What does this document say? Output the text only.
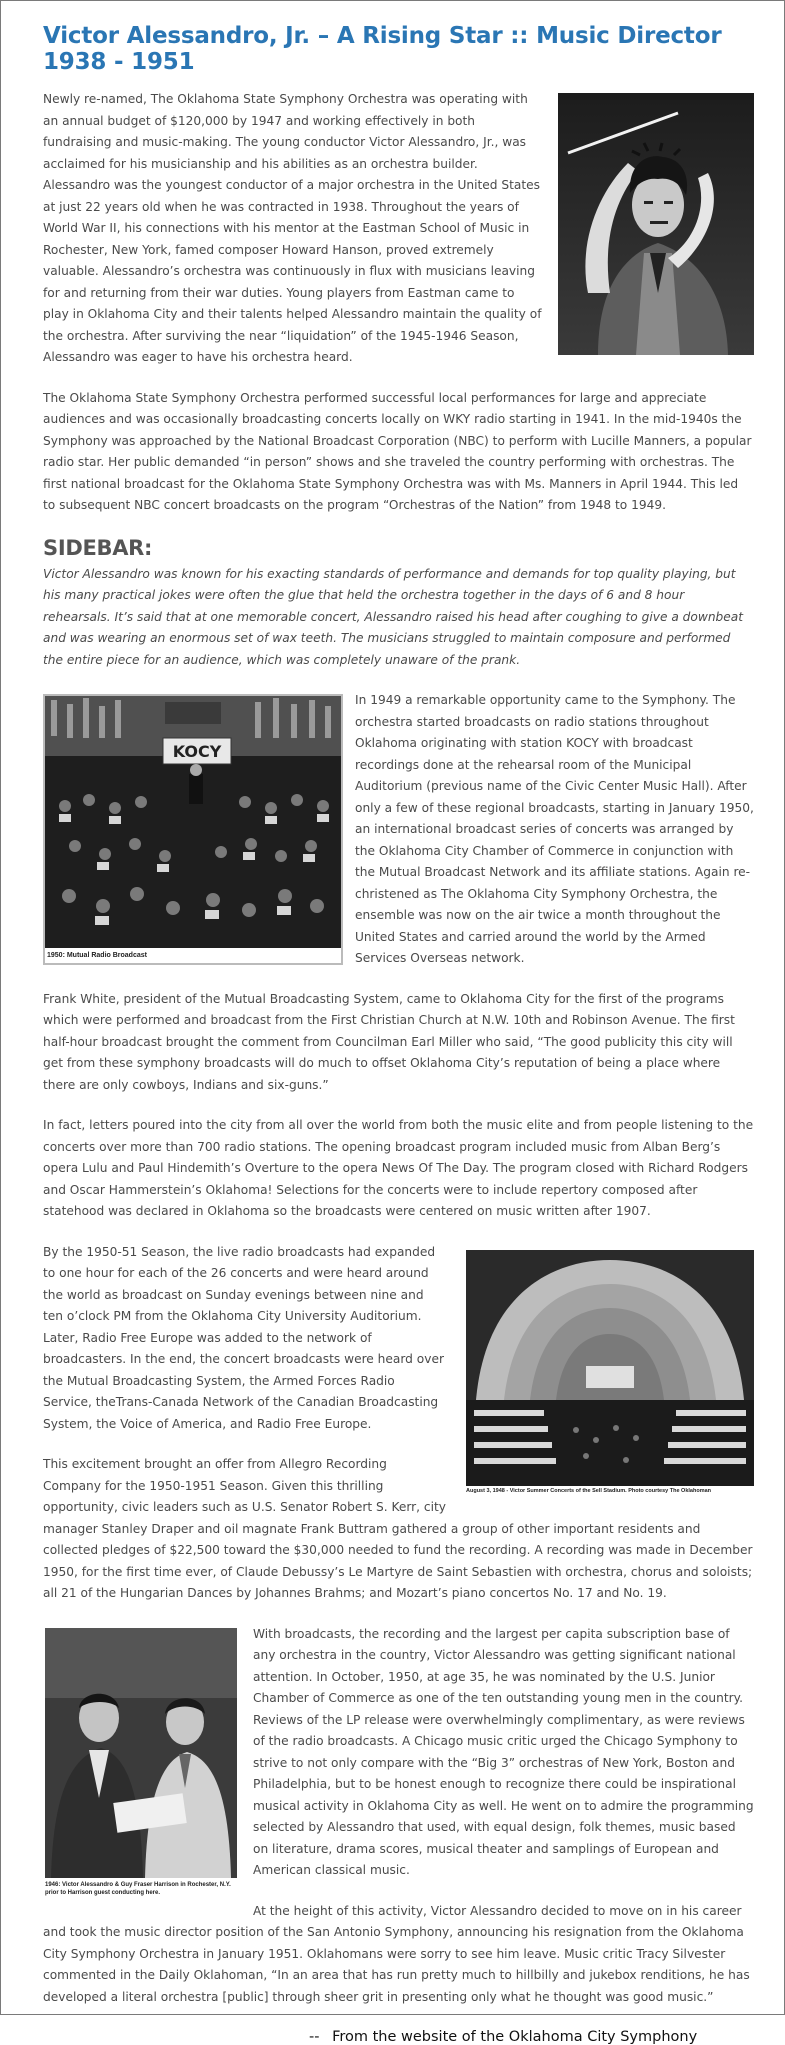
Victor Alessandro, Jr. – A Rising Star :: Music Director 1938 - 1951

Newly re-named, The Oklahoma State Symphony Orchestra was operating with an annual budget of $120,000 by 1947 and working effectively in both fundraising and music-making. The young conductor Victor Alessandro, Jr., was acclaimed for his musicianship and his abilities as an orchestra builder. Alessandro was the youngest conductor of a major orchestra in the United States at just 22 years old when he was contracted in 1938. Throughout the years of World War II, his connections with his mentor at the Eastman School of Music in Rochester, New York, famed composer Howard Hanson, proved extremely valuable. Alessandro’s orchestra was continuously in flux with musicians leaving for and returning from their war duties. Young players from Eastman came to play in Oklahoma City and their talents helped Alessandro maintain the quality of the orchestra. After surviving the near “liquidation” of the 1945-1946 Season, Alessandro was eager to have his orchestra heard.

The Oklahoma State Symphony Orchestra performed successful local performances for large and appreciate audiences and was occasionally broadcasting concerts locally on WKY radio starting in 1941. In the mid-1940s the Symphony was approached by the National Broadcast Corporation (NBC) to perform with Lucille Manners, a popular radio star. Her public demanded “in person” shows and she traveled the country performing with orchestras. The first national broadcast for the Oklahoma State Symphony Orchestra was with Ms. Manners in April 1944. This led to subsequent NBC concert broadcasts on the program “Orchestras of the Nation” from 1948 to 1949.

SIDEBAR:

Victor Alessandro was known for his exacting standards of performance and demands for top quality playing, but his many practical jokes were often the glue that held the orchestra together in the days of 6 and 8 hour rehearsals. It’s said that at one memorable concert, Alessandro raised his head after coughing to give a downbeat and was wearing an enormous set of wax teeth. The musicians struggled to maintain composure and performed the entire piece for an audience, which was completely unaware of the prank.

KOCY
1950: Mutual Radio Broadcast

In 1949 a remarkable opportunity came to the Symphony. The orchestra started broadcasts on radio stations throughout Oklahoma originating with station KOCY with broadcast recordings done at the rehearsal room of the Municipal Auditorium (previous name of the Civic Center Music Hall). After only a few of these regional broadcasts, starting in January 1950, an international broadcast series of concerts was arranged by the Oklahoma City Chamber of Commerce in conjunction with the Mutual Broadcast Network and its affiliate stations. Again re-christened as The Oklahoma City Symphony Orchestra, the ensemble was now on the air twice a month throughout the United States and carried around the world by the Armed Services Overseas network.

Frank White, president of the Mutual Broadcasting System, came to Oklahoma City for the first of the programs which were performed and broadcast from the First Christian Church at N.W. 10th and Robinson Avenue. The first half-hour broadcast brought the comment from Councilman Earl Miller who said, “The good publicity this city will get from these symphony broadcasts will do much to offset Oklahoma City’s reputation of being a place where there are only cowboys, Indians and six-guns.”

In fact, letters poured into the city from all over the world from both the music elite and from people listening to the concerts over more than 700 radio stations. The opening broadcast program included music from Alban Berg’s opera Lulu and Paul Hindemith’s Overture to the opera News Of The Day. The program closed with Richard Rodgers and Oscar Hammerstein’s Oklahoma! Selections for the concerts were to include repertory composed after statehood was declared in Oklahoma so the broadcasts were centered on music written after 1907.

August 3, 1948 - Victor Summer Concerts of the Sell Stadium. Photo courtesy The Oklahoman

By the 1950-51 Season, the live radio broadcasts had expanded to one hour for each of the 26 concerts and were heard around the world as broadcast on Sunday evenings between nine and ten o’clock PM from the Oklahoma City University Auditorium. Later, Radio Free Europe was added to the network of broadcasters. In the end, the concert broadcasts were heard over the Mutual Broadcasting System, the Armed Forces Radio Service, theTrans-Canada Network of the Canadian Broadcasting System, the Voice of America, and Radio Free Europe.

This excitement brought an offer from Allegro Recording Company for the 1950-1951 Season. Given this thrilling opportunity, civic leaders such as U.S. Senator Robert S. Kerr, city manager Stanley Draper and oil magnate Frank Buttram gathered a group of other important residents and collected pledges of $22,500 toward the $30,000 needed to fund the recording. A recording was made in December 1950, for the first time ever, of Claude Debussy’s Le Martyre de Saint Sebastien with orchestra, chorus and soloists; all 21 of the Hungarian Dances by Johannes Brahms; and Mozart’s piano concertos No. 17 and No. 19.

1946: Victor Alessandro & Guy Fraser Harrison in Rochester, N.Y. prior to Harrison guest conducting here.

With broadcasts, the recording and the largest per capita subscription base of any orchestra in the country, Victor Alessandro was getting significant national attention. In October, 1950, at age 35, he was nominated by the U.S. Junior Chamber of Commerce as one of the ten outstanding young men in the country. Reviews of the LP release were overwhelmingly complimentary, as were reviews of the radio broadcasts. A Chicago music critic urged the Chicago Symphony to strive to not only compare with the “Big 3” orchestras of New York, Boston and Philadelphia, but to be honest enough to recognize there could be inspirational musical activity in Oklahoma City as well. He went on to admire the programming selected by Alessandro that used, with equal design, folk themes, music based on literature, drama scores, musical theater and samplings of European and American classical music.

At the height of this activity, Victor Alessandro decided to move on in his career and took the music director position of the San Antonio Symphony, announcing his resignation from the Oklahoma City Symphony Orchestra in January 1951. Oklahomans were sorry to see him leave. Music critic Tracy Silvester commented in the Daily Oklahoman, “In an area that has run pretty much to hillbilly and jukebox renditions, he has developed a literal orchestra [public] through sheer grit in presenting only what he thought was good music.”

-- From the website of the Oklahoma City Symphony
